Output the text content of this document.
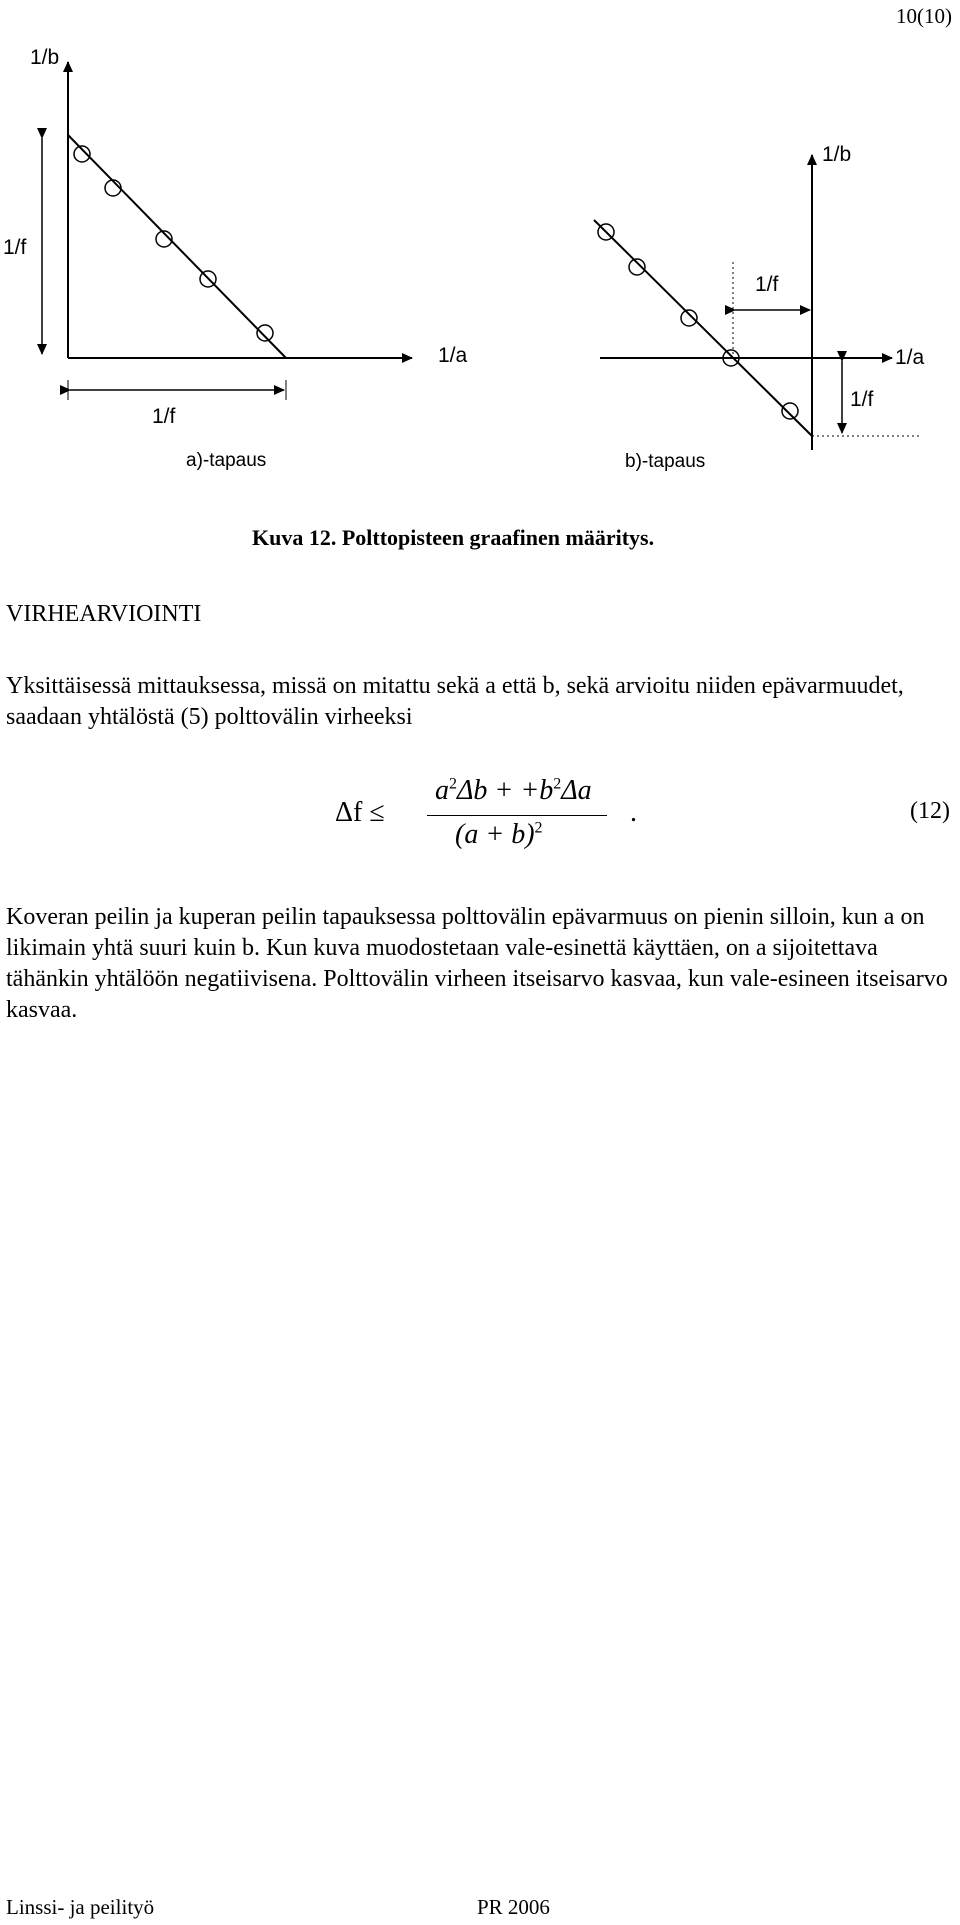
10(10)
1/b
1/f
1/a
1/f
a)-tapaus
1/b
1/f
1/a
1/f
b)-tapaus
Kuva 12. Polttopisteen graafinen määritys.
VIRHEARVIOINTI
Yksittäisessä mittauksessa, missä on mitattu sekä a että b, sekä arvioitu niiden epävarmuudet, saadaan yhtälöstä (5) polttovälin virheeksi
Δf ≤
$a^2\Delta b + +b^2\Delta a$
$(a + b)^2$
.	(12)
Koveran peilin ja kuperan peilin tapauksessa polttovälin epävarmuus on pienin silloin, kun a on likimain yhtä suuri kuin b. Kun kuva muodostetaan vale-esinettä käyttäen, on a sijoitettava tähänkin yhtälöön negatiivisena. Polttovälin virheen itseisarvo kasvaa, kun vale-esineen itseisarvo kasvaa.
Linssi- ja peilityö	PR 2006
